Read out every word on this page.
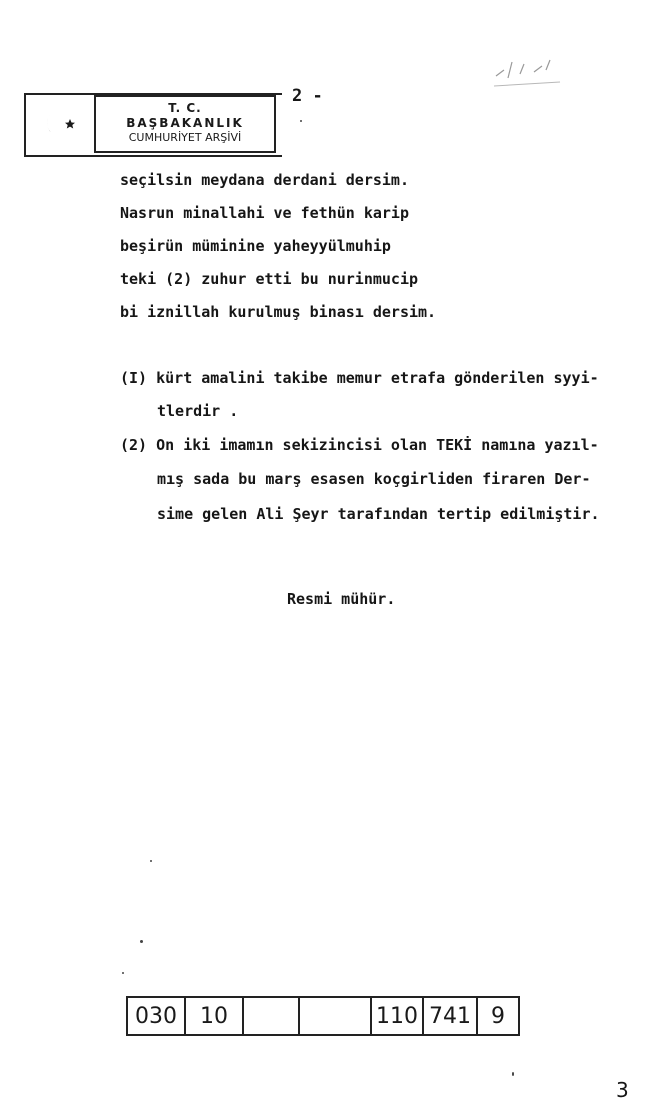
2 -
T. C.
BAŞBAKANLIK
CUMHURİYET ARŞİVİ
seçilsin meydana derdani dersim.
Nasrun minallahi ve fethün karip
beşirün müminine yaheyyülmuhip
teki (2) zuhur etti bu nurinmucip
bi iznillah kurulmuş binası dersim.
(I) kürt amalini takibe memur etrafa gönderilen syyi-
tlerdir .
(2) On iki imamın sekizincisi olan TEKİ namına yazıl-
mış sada bu marş esasen koçgirliden firaren Der-
sime gelen Ali Şeyr tarafından tertip edilmiştir.
Resmi mühür.
030	10	110 741 9
3
